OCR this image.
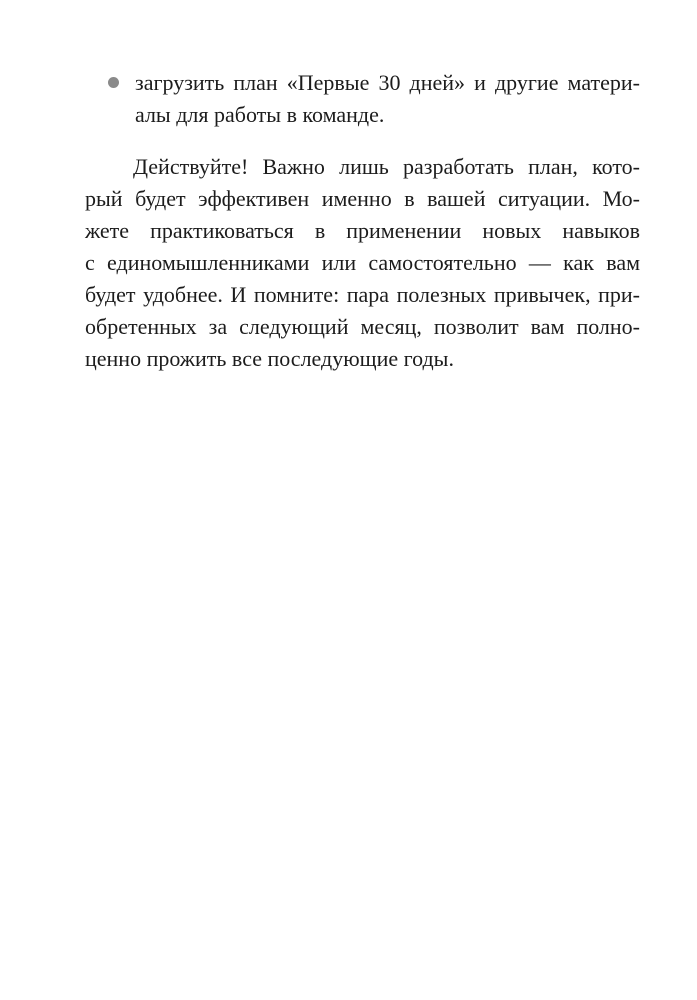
загрузить план «Первые 30 дней» и другие матери-
алы для работы в команде.
Действуйте! Важно лишь разработать план, кото-
рый будет эффективен именно в вашей ситуации. Мо-
жете практиковаться в применении новых навыков
с единомышленниками или самостоятельно — как вам
будет удобнее. И помните: пара полезных привычек, при-
обретенных за следующий месяц, позволит вам полно-
ценно прожить все последующие годы.
